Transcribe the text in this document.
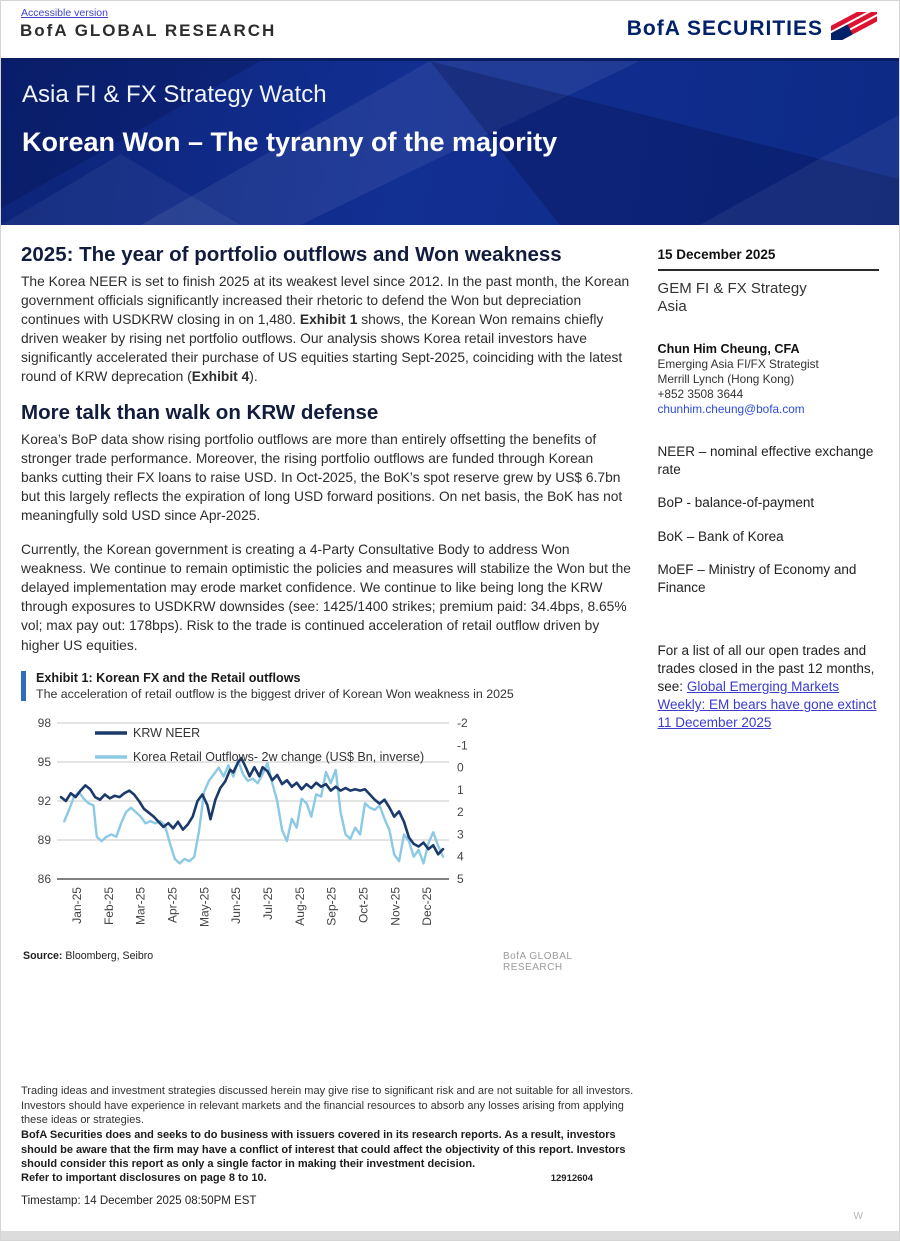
Accessible version
BofA GLOBAL RESEARCH	BofA SECURITIES
Asia FI & FX Strategy Watch
Korean Won – The tyranny of the majority
2025: The year of portfolio outflows and Won weakness

The Korea NEER is set to finish 2025 at its weakest level since 2012. In the past month, the Korean government officials significantly increased their rhetoric to defend the Won but depreciation continues with USDKRW closing in on 1,480. Exhibit 1 shows, the Korean Won remains chiefly driven weaker by rising net portfolio outflows. Our analysis shows Korea retail investors have significantly accelerated their purchase of US equities starting Sept-2025, coinciding with the latest round of KRW deprecation (Exhibit 4).

More talk than walk on KRW defense

Korea’s BoP data show rising portfolio outflows are more than entirely offsetting the benefits of stronger trade performance. Moreover, the rising portfolio outflows are funded through Korean banks cutting their FX loans to raise USD. In Oct-2025, the BoK’s spot reserve grew by US$ 6.7bn but this largely reflects the expiration of long USD forward positions. On net basis, the BoK has not meaningfully sold USD since Apr-2025.

Currently, the Korean government is creating a 4-Party Consultative Body to address Won weakness. We continue to remain optimistic the policies and measures will stabilize the Won but the delayed implementation may erode market confidence. We continue to like being long the KRW through exposures to USDKRW downsides (see: 1425/1400 strikes; premium paid: 34.4bps, 8.65% vol; max pay out: 178bps). Risk to the trade is continued acceleration of retail outflow driven by higher US equities.

Exhibit 1: Korean FX and the Retail outflows
The acceleration of retail outflow is the biggest driver of Korean Won weakness in 2025
98
95
92
89
86
-2
-1
0
1
2
3
4
5
Jan-25 Feb-25 Mar-25 Apr-25 May-25 Jun-25 Jul-25 Aug-25 Sep-25 Oct-25 Nov-25 Dec-25
KRW NEER
Korea Retail Outflows- 2w change (US$ Bn, inverse)
Source: Bloomberg, Seibro	BofA GLOBAL RESEARCH
15 December 2025
GEM FI & FX Strategy
Asia
Chun Him Cheung, CFA
Emerging Asia FI/FX Strategist
Merrill Lynch (Hong Kong)
+852 3508 3644
chunhim.cheung@bofa.com
NEER – nominal effective exchange rate
BoP - balance-of-payment
BoK – Bank of Korea
MoEF – Ministry of Economy and Finance
For a list of all our open trades and trades closed in the past 12 months, see: Global Emerging Markets Weekly: EM bears have gone extinct 11 December 2025

Trading ideas and investment strategies discussed herein may give rise to significant risk and are not suitable for all investors. Investors should have experience in relevant markets and the financial resources to absorb any losses arising from applying these ideas or strategies.

BofA Securities does and seeks to do business with issuers covered in its research reports. As a result, investors should be aware that the firm may have a conflict of interest that could affect the objectivity of this report. Investors should consider this report as only a single factor in making their investment decision.

Refer to important disclosures on page 8 to 10.	12912604
Timestamp: 14 December 2025 08:50PM EST
W
